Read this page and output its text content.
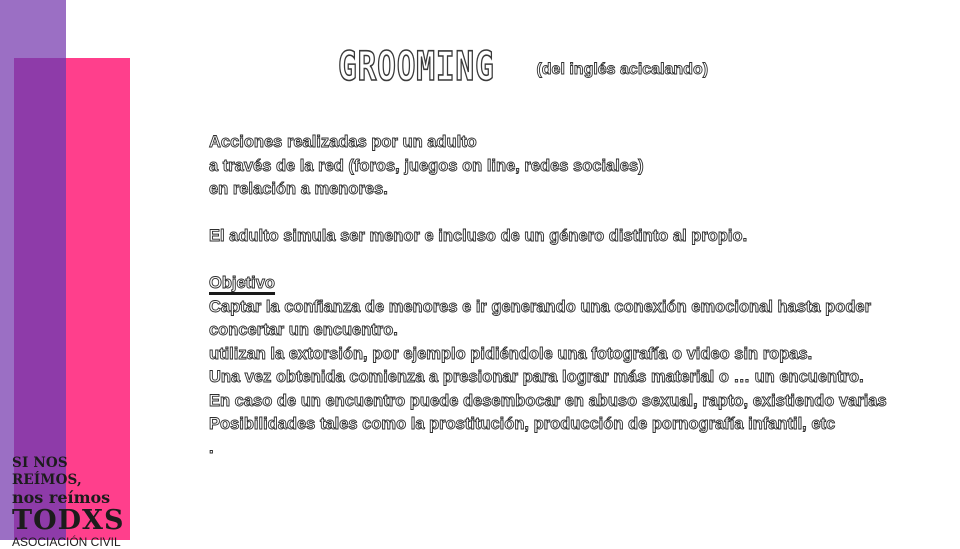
GROOMING	(del inglés acicalando)
Acciones realizadas por un adulto
a través de la red (foros, juegos on line, redes sociales)
en relación a menores.
El adulto simula ser menor e incluso de un género distinto al propio.
Objetivo
Captar la confianza de menores e ir generando una conexión emocional hasta poder
concertar un encuentro.
utilizan la extorsión, por ejemplo pidiéndole una fotografía o video sin ropas.
Una vez obtenida comienza a presionar para lograr más material o … un encuentro.
En caso de un encuentro puede desembocar en abuso sexual, rapto, existiendo varias
Posibilidades tales como la prostitución, producción de pornografía infantil, etc
.
SI NOS REÍMOS,
nos reímos
TODXS
ASOCIACIÓN CIVIL
